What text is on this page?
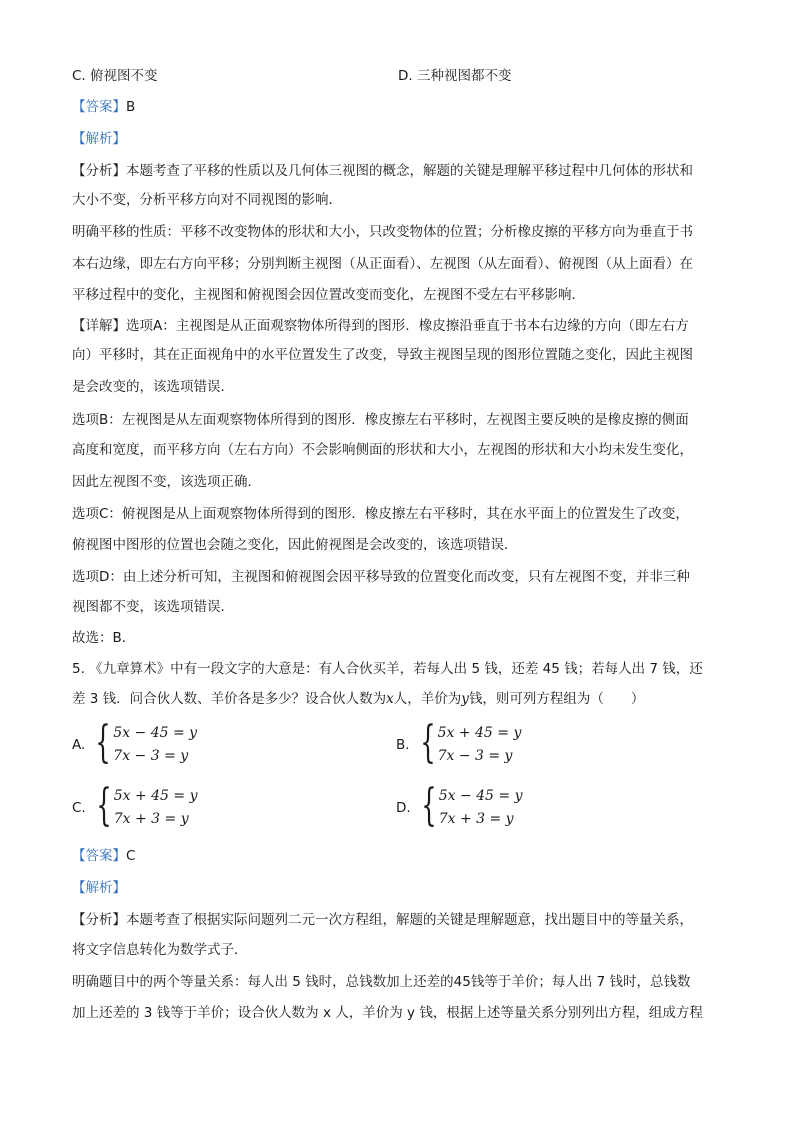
C. 俯视图不变	D. 三种视图都不变
【答案】B
【解析】
【分析】本题考查了平移的性质以及几何体三视图的概念，解题的关键是理解平移过程中几何体的形状和
大小不变，分析平移方向对不同视图的影响．
明确平移的性质：平移不改变物体的形状和大小，只改变物体的位置；分析橡皮擦的平移方向为垂直于书
本右边缘，即左右方向平移；分别判断主视图（从正面看）、左视图（从左面看）、俯视图（从上面看）在
平移过程中的变化，主视图和俯视图会因位置改变而变化，左视图不受左右平移影响．
【详解】选项A：主视图是从正面观察物体所得到的图形．橡皮擦沿垂直于书本右边缘的方向（即左右方
向）平移时，其在正面视角中的水平位置发生了改变，导致主视图呈现的图形位置随之变化，因此主视图
是会改变的，该选项错误．
选项B：左视图是从左面观察物体所得到的图形．橡皮擦左右平移时，左视图主要反映的是橡皮擦的侧面
高度和宽度，而平移方向（左右方向）不会影响侧面的形状和大小，左视图的形状和大小均未发生变化，
因此左视图不变，该选项正确．
选项C：俯视图是从上面观察物体所得到的图形．橡皮擦左右平移时，其在水平面上的位置发生了改变，
俯视图中图形的位置也会随之变化，因此俯视图是会改变的，该选项错误．
选项D：由上述分析可知，主视图和俯视图会因平移导致的位置变化而改变，只有左视图不变，并非三种
视图都不变，该选项错误．
故选：B．
5. 《九章算术》中有一段文字的大意是：有人合伙买羊，若每人出 5 钱，还差 45 钱；若每人出 7 钱，还
差 3 钱．问合伙人数、羊价各是多少？设合伙人数为x人，羊价为y钱，则可列方程组为（　　）
A. { 5x − 45 = y
7x − 3 = y
B. { 5x + 45 = y
7x − 3 = y
C. { 5x + 45 = y
7x + 3 = y
D. { 5x − 45 = y
7x + 3 = y
【答案】C
【解析】
【分析】本题考查了根据实际问题列二元一次方程组，解题的关键是理解题意，找出题目中的等量关系，
将文字信息转化为数学式子．
明确题目中的两个等量关系：每人出 5 钱时，总钱数加上还差的45钱等于羊价；每人出 7 钱时，总钱数
加上还差的 3 钱等于羊价；设合伙人数为 x 人，羊价为 y 钱，根据上述等量关系分别列出方程，组成方程
